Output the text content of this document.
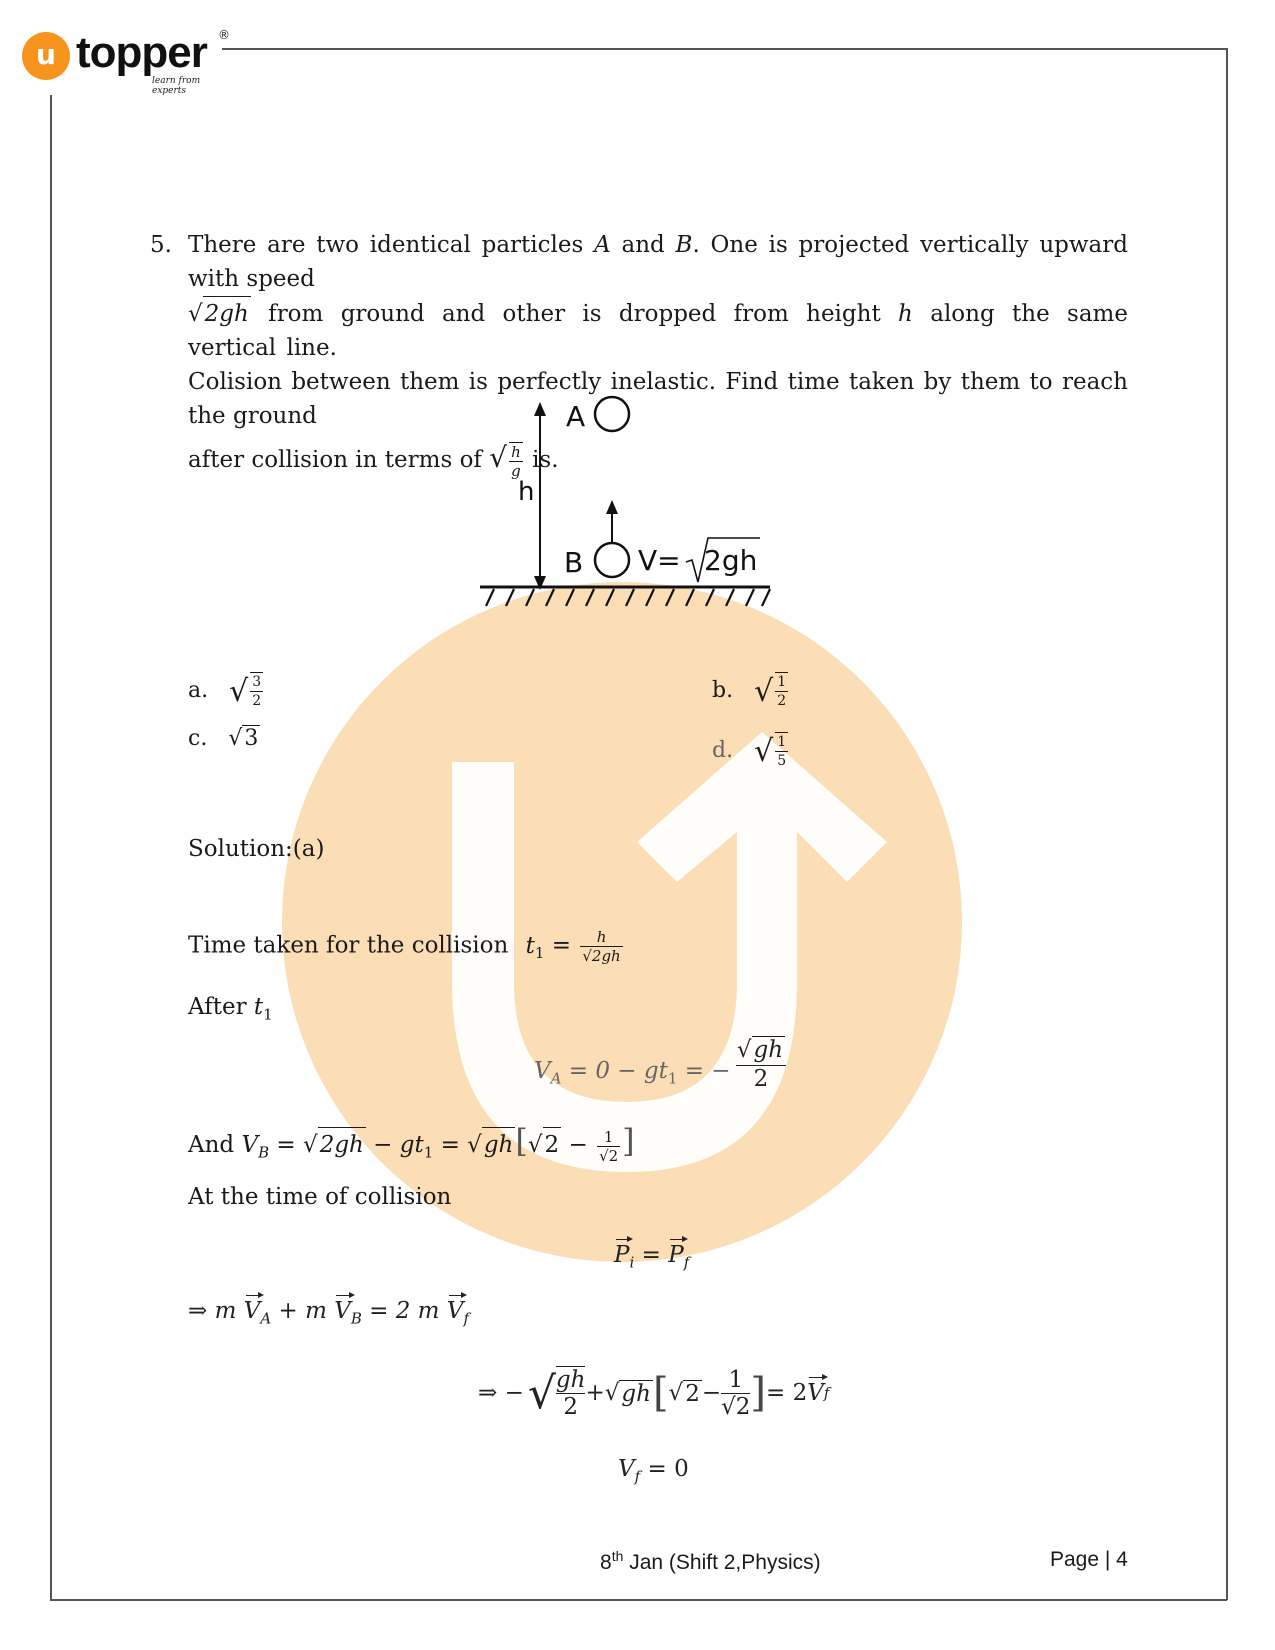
u topper ®
learn from experts
5. There are two identical particles A and B. One is projected vertically upward with speed
√2gh from ground and other is dropped from height h along the same vertical line.
Colision between them is perfectly inelastic. Find time taken by them to reach the ground
after collision in terms of √ $\frac{h}{g}$ is.
A
h
B V= 2gh
a. √ $\frac{3}{2}$	b. √ $\frac{1}{2}$
c. √3	d. √ $\frac{1}{5}$
Solution:(a)
Time taken for the collision $t_1 = \frac{h}{√2gh}$
After $t_1$
$V_A = 0 - gt_1$ = −
√gh
2
And $V_B = √2gh - gt_1 = √gh[√2 - \frac{1}{√2}$ ]
At the time of collision
$P_i = P_f$
⇒ m $V_A + m$ $V_B = 2$ m $V_f$
⇒ − √ gh
2
+ √ gh [ √ $2 - \frac{1}{√2}$ ] = 2 V f
$V_f = 0$
8th Jan (Shift 2,Physics)	Page | 4
